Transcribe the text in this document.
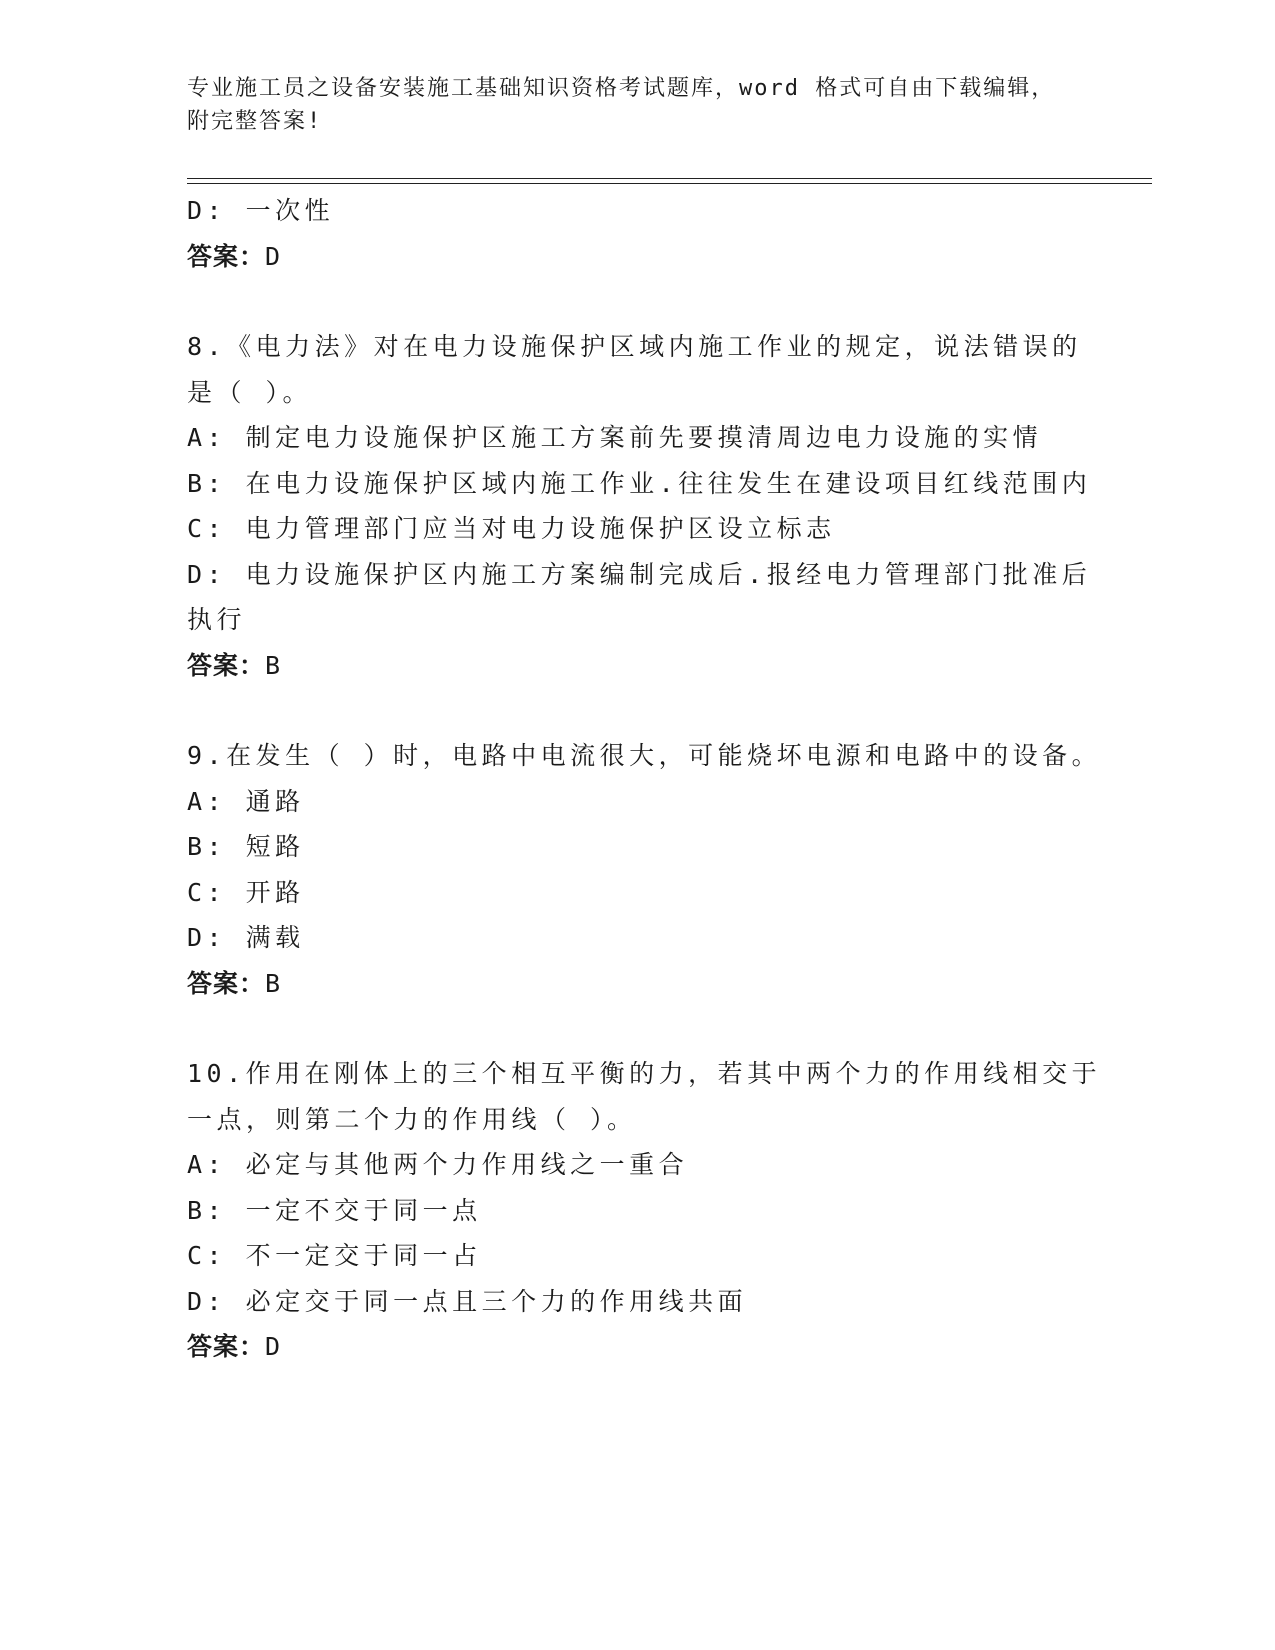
专业施工员之设备安装施工基础知识资格考试题库，word 格式可自由下载编辑，
附完整答案!
D: 一次性
答案：D
8.《电力法》对在电力设施保护区域内施工作业的规定，说法错误的
是（ ）。
A: 制定电力设施保护区施工方案前先要摸清周边电力设施的实情
B: 在电力设施保护区域内施工作业.往往发生在建设项目红线范围内
C: 电力管理部门应当对电力设施保护区设立标志
D: 电力设施保护区内施工方案编制完成后.报经电力管理部门批准后
执行
答案：B
9.在发生（ ）时，电路中电流很大，可能烧坏电源和电路中的设备。
A: 通路
B: 短路
C: 开路
D: 满载
答案：B
10.作用在刚体上的三个相互平衡的力，若其中两个力的作用线相交于
一点，则第二个力的作用线（ ）。
A: 必定与其他两个力作用线之一重合
B: 一定不交于同一点
C: 不一定交于同一占
D: 必定交于同一点且三个力的作用线共面
答案：D
